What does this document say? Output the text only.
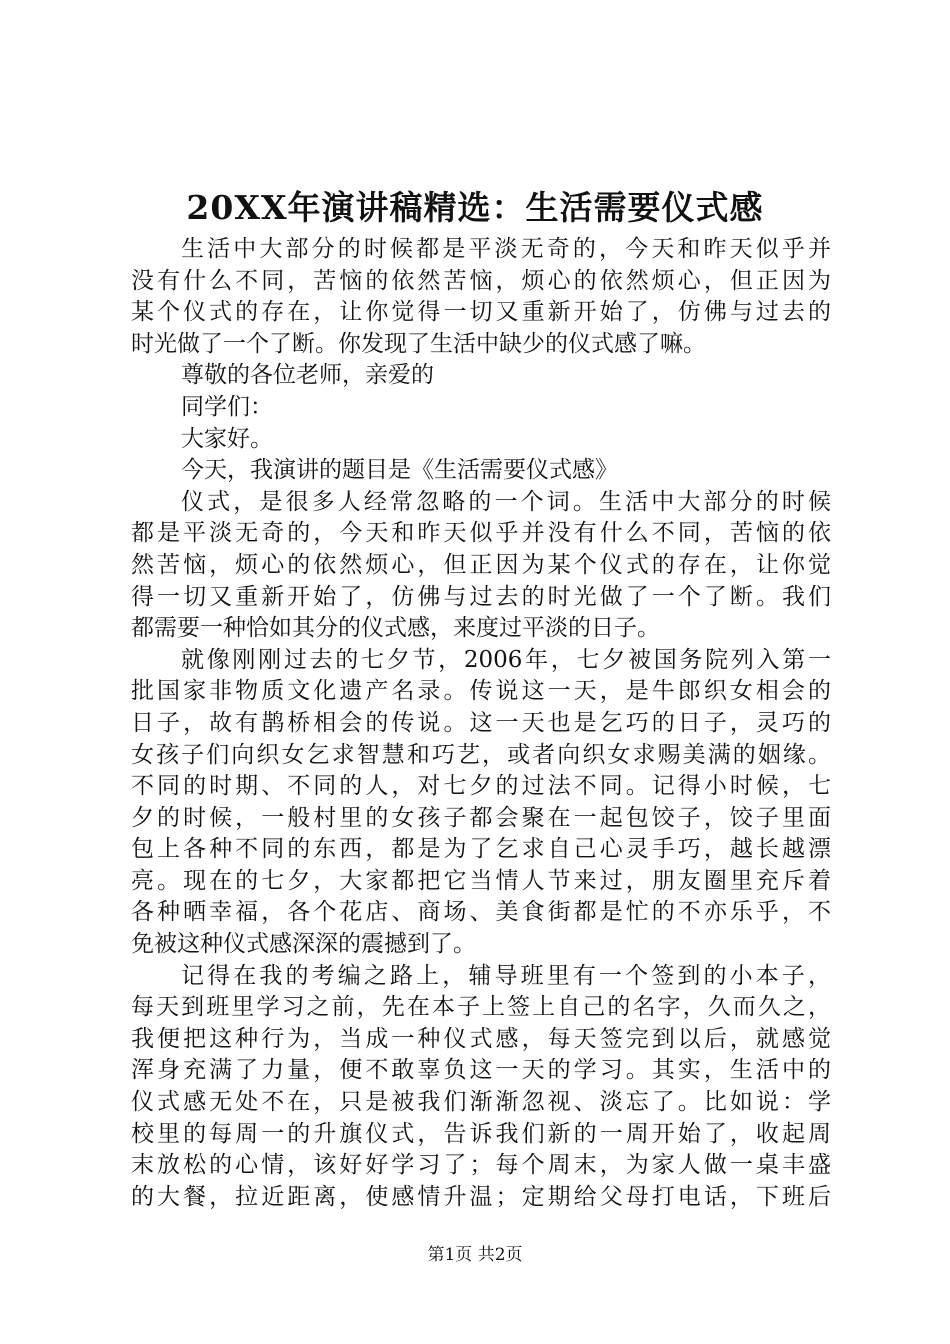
20XX年演讲稿精选：生活需要仪式感
生活中大部分的时候都是平淡无奇的，今天和昨天似乎并
没有什么不同，苦恼的依然苦恼，烦心的依然烦心，但正因为
某个仪式的存在，让你觉得一切又重新开始了，仿佛与过去的
时光做了一个了断。你发现了生活中缺少的仪式感了嘛。
尊敬的各位老师，亲爱的
同学们：
大家好。
今天，我演讲的题目是《生活需要仪式感》
仪式，是很多人经常忽略的一个词。生活中大部分的时候
都是平淡无奇的，今天和昨天似乎并没有什么不同，苦恼的依
然苦恼，烦心的依然烦心，但正因为某个仪式的存在，让你觉
得一切又重新开始了，仿佛与过去的时光做了一个了断。我们
都需要一种恰如其分的仪式感，来度过平淡的日子。
就像刚刚过去的七夕节，2006年，七夕被国务院列入第一
批国家非物质文化遗产名录。传说这一天，是牛郎织女相会的
日子，故有鹊桥相会的传说。这一天也是乞巧的日子，灵巧的
女孩子们向织女乞求智慧和巧艺，或者向织女求赐美满的姻缘。
不同的时期、不同的人，对七夕的过法不同。记得小时候，七
夕的时候，一般村里的女孩子都会聚在一起包饺子，饺子里面
包上各种不同的东西，都是为了乞求自己心灵手巧，越长越漂
亮。现在的七夕，大家都把它当情人节来过，朋友圈里充斥着
各种晒幸福，各个花店、商场、美食街都是忙的不亦乐乎，不
免被这种仪式感深深的震撼到了。
记得在我的考编之路上，辅导班里有一个签到的小本子，
每天到班里学习之前，先在本子上签上自己的名字，久而久之，
我便把这种行为，当成一种仪式感，每天签完到以后，就感觉
浑身充满了力量，便不敢辜负这一天的学习。其实，生活中的
仪式感无处不在，只是被我们渐渐忽视、淡忘了。比如说：学
校里的每周一的升旗仪式，告诉我们新的一周开始了，收起周
末放松的心情，该好好学习了；每个周末，为家人做一桌丰盛
的大餐，拉近距离，使感情升温；定期给父母打电话，下班后
第1页 共2页
